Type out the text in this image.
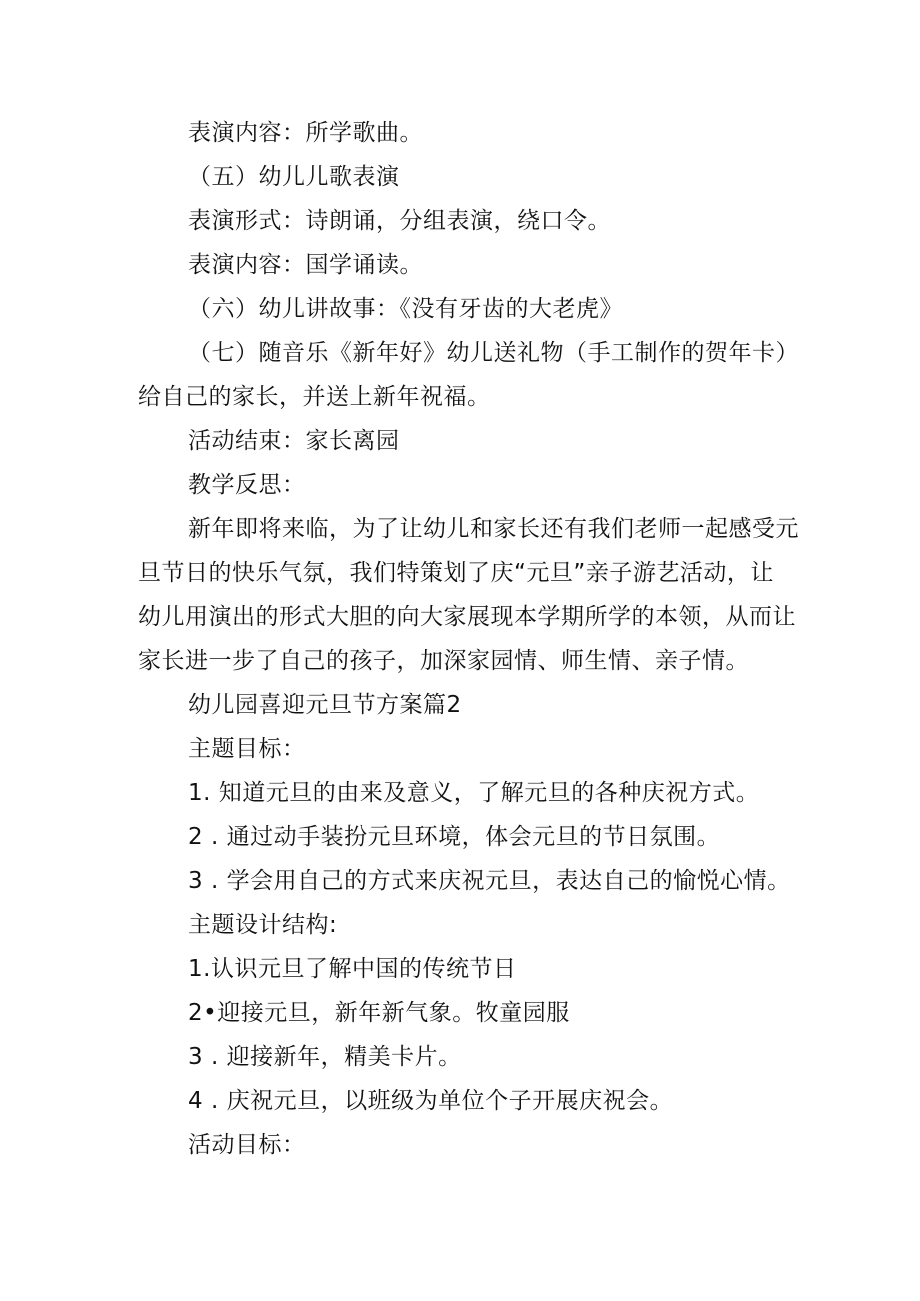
表演内容：所学歌曲。
（五）幼儿儿歌表演
表演形式：诗朗诵，分组表演，绕口令。
表演内容：国学诵读。
（六）幼儿讲故事：《没有牙齿的大老虎》
（七）随音乐《新年好》幼儿送礼物（手工制作的贺年卡）
给自己的家长，并送上新年祝福。
活动结束：家长离园
教学反思：
新年即将来临，为了让幼儿和家长还有我们老师一起感受元
旦节日的快乐气氛，我们特策划了庆“元旦”亲子游艺活动，让
幼儿用演出的形式大胆的向大家展现本学期所学的本领，从而让
家长进一步了自己的孩子，加深家园情、师生情、亲子情。
幼儿园喜迎元旦节方案篇2
主题目标：
1. 知道元旦的由来及意义，了解元旦的各种庆祝方式。
2 . 通过动手装扮元旦环境，体会元旦的节日氛围。
3 . 学会用自己的方式来庆祝元旦，表达自己的愉悦心情。
主题设计结构:
1.认识元旦了解中国的传统节日
2•迎接元旦，新年新气象。牧童园服
3 . 迎接新年，精美卡片。
4 . 庆祝元旦，以班级为单位个子开展庆祝会。
活动目标：
